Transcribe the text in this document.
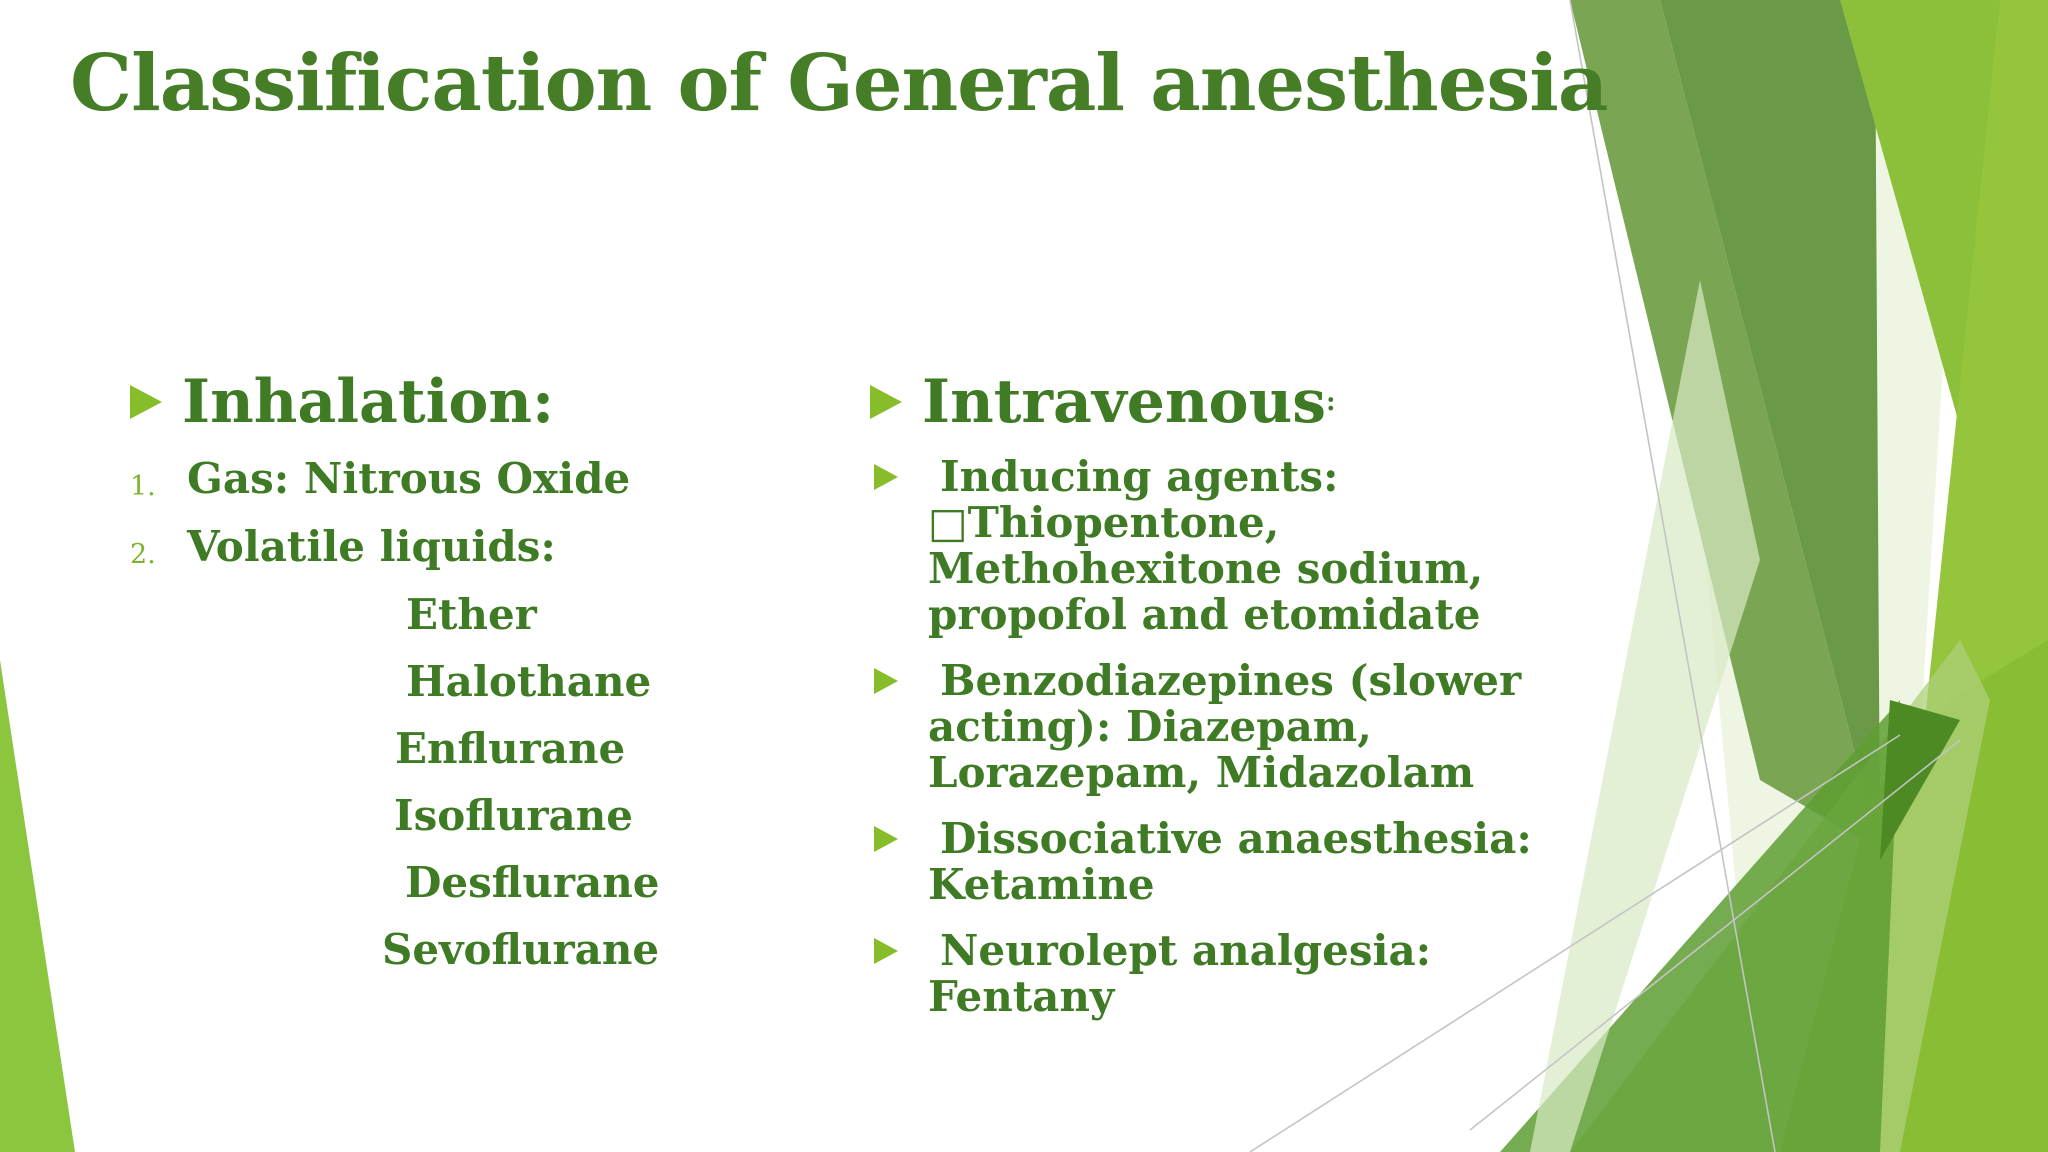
Classification of General anesthesia
Inhalation:
1. Gas: Nitrous Oxide
2. Volatile liquids:
Ether
Halothane
Enflurane
Isoflurane
Desflurane
Sevoflurane
Intravenous :
Inducing agents: □Thiopentone, Methohexitone sodium, propofol and etomidate
Benzodiazepines (slower acting): Diazepam, Lorazepam, Midazolam
Dissociative anaesthesia: Ketamine
Neurolept analgesia: Fentany
